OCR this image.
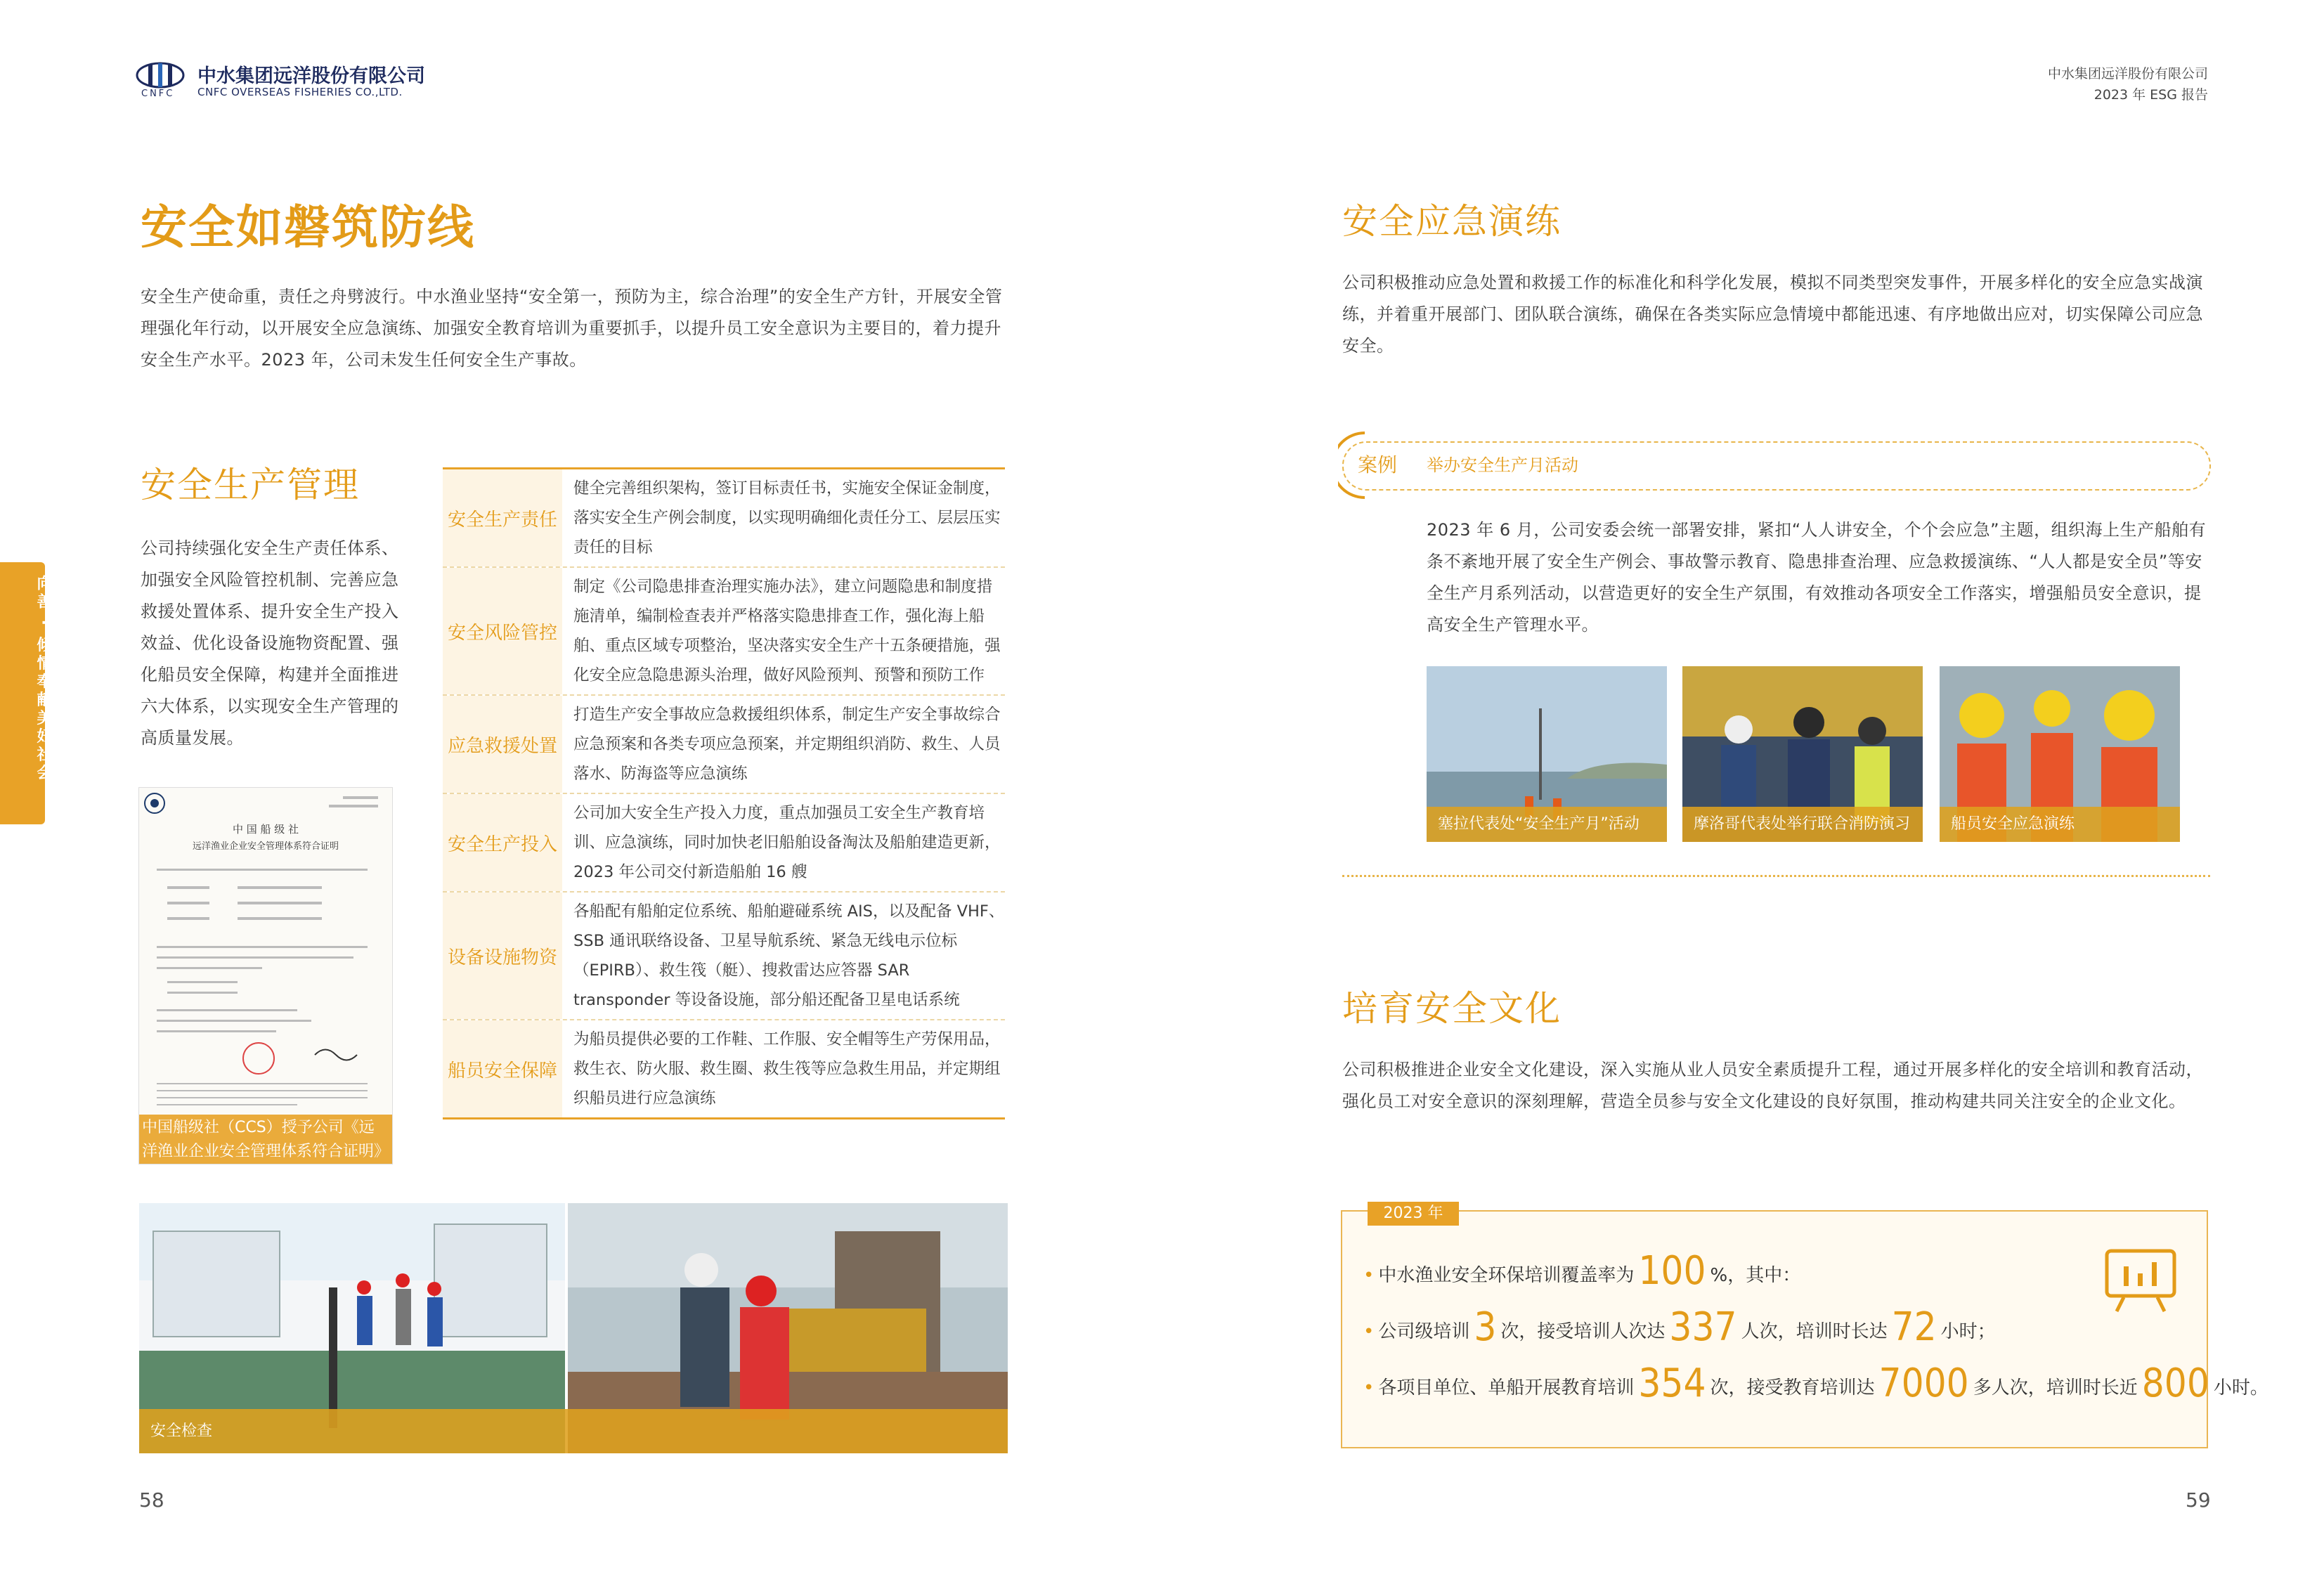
CNFC
中水集团远洋股份有限公司
CNFC OVERSEAS FISHERIES CO.,LTD.
中水集团远洋股份有限公司
2023 年 ESG 报告
向善 · 倾情奉献美好社会
安全如磐筑防线
安全生产使命重，责任之舟劈波行。中水渔业坚持“安全第一，预防为主，综合治理”的安全生产方针，开展安全管理强化年行动，以开展安全应急演练、加强安全教育培训为重要抓手，以提升员工安全意识为主要目的，着力提升安全生产水平。2023 年，公司未发生任何安全生产事故。
安全生产管理
公司持续强化安全生产责任体系、加强安全风险管控机制、完善应急救援处置体系、提升安全生产投入效益、优化设备设施物资配置、强化船员安全保障，构建并全面推进六大体系，以实现安全生产管理的高质量发展。
安全生产责任
健全完善组织架构，签订目标责任书，实施安全保证金制度，落实安全生产例会制度，以实现明确细化责任分工、层层压实责任的目标
安全风险管控
制定《公司隐患排查治理实施办法》，建立问题隐患和制度措施清单，编制检查表并严格落实隐患排查工作，强化海上船舶、重点区域专项整治，坚决落实安全生产十五条硬措施，强化安全应急隐患源头治理，做好风险预判、预警和预防工作
应急救援处置
打造生产安全事故应急救援组织体系，制定生产安全事故综合应急预案和各类专项应急预案，并定期组织消防、救生、人员落水、防海盗等应急演练
安全生产投入
公司加大安全生产投入力度，重点加强员工安全生产教育培训、应急演练，同时加快老旧船舶设备淘汰及船舶建造更新，2023 年公司交付新造船舶 16 艘
设备设施物资
各船配有船舶定位系统、船舶避碰系统 AIS，以及配备 VHF、SSB 通讯联络设备、卫星导航系统、紧急无线电示位标（EPIRB）、救生筏（艇）、搜救雷达应答器 SAR transponder 等设备设施，部分船还配备卫星电话系统
船员安全保障
为船员提供必要的工作鞋、工作服、安全帽等生产劳保用品，救生衣、防火服、救生圈、救生筏等应急救生用品，并定期组织船员进行应急演练
中 国 船 级 社
远洋渔业企业安全管理体系符合证明
中国船级社（CCS）授予公司《远洋渔业企业安全管理体系符合证明》
安全检查
58
安全应急演练
公司积极推动应急处置和救援工作的标准化和科学化发展，模拟不同类型突发事件，开展多样化的安全应急实战演练，并着重开展部门、团队联合演练，确保在各类实际应急情境中都能迅速、有序地做出应对，切实保障公司应急安全。
案例 举办安全生产月活动
2023 年 6 月，公司安委会统一部署安排，紧扣“人人讲安全，个个会应急”主题，组织海上生产船舶有条不紊地开展了安全生产例会、事故警示教育、隐患排查治理、应急救援演练、“人人都是安全员”等安全生产月系列活动，以营造更好的安全生产氛围，有效推动各项安全工作落实，增强船员安全意识，提高安全生产管理水平。
塞拉代表处“安全生产月”活动	摩洛哥代表处举行联合消防演习	船员安全应急演练
培育安全文化
公司积极推进企业安全文化建设，深入实施从业人员安全素质提升工程，通过开展多样化的安全培训和教育活动，强化员工对安全意识的深刻理解，营造全员参与安全文化建设的良好氛围，推动构建共同关注安全的企业文化。
2023 年
• 中水渔业安全环保培训覆盖率为 100 %，其中：
• 公司级培训 3 次，接受培训人次达 337 人次，培训时长达 72 小时；
• 各项目单位、单船开展教育培训 354 次，接受教育培训达 7000 多人次，培训时长近 800 小时。
59
